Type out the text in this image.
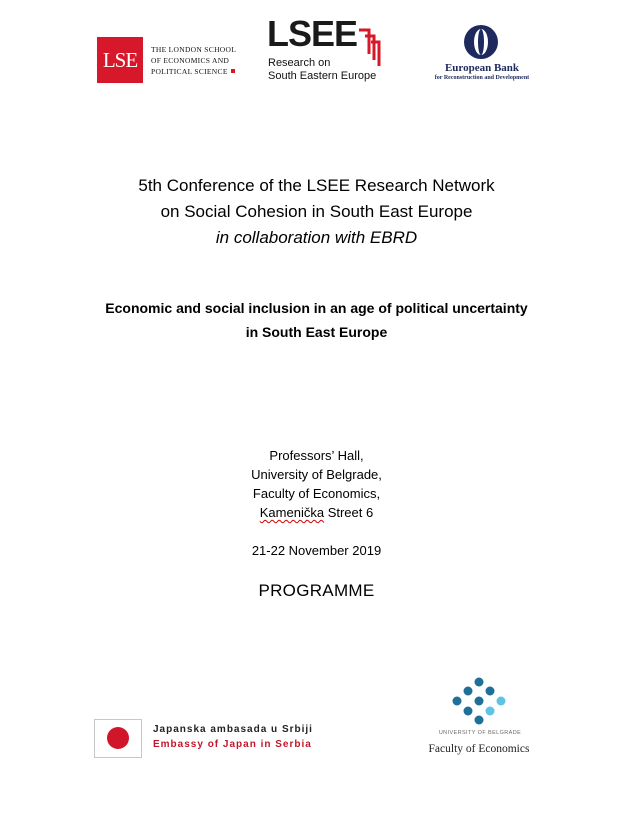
LSE	THE LONDON SCHOOL
OF ECONOMICS AND
POLITICAL SCIENCE
LSEE
Research on
South Eastern Europe
European Bank
for Reconstruction and Development
5th Conference of the LSEE Research Network
on Social Cohesion in South East Europe
in collaboration with EBRD
Economic and social inclusion in an age of political uncertainty
in South East Europe
Professors’ Hall,
University of Belgrade,
Faculty of Economics,
Kamenička Street 6
21-22 November 2019
PROGRAMME
Japanska ambasada u Srbiji
Embassy of Japan in Serbia
UNIVERSITY OF BELGRADE
Faculty of Economics
